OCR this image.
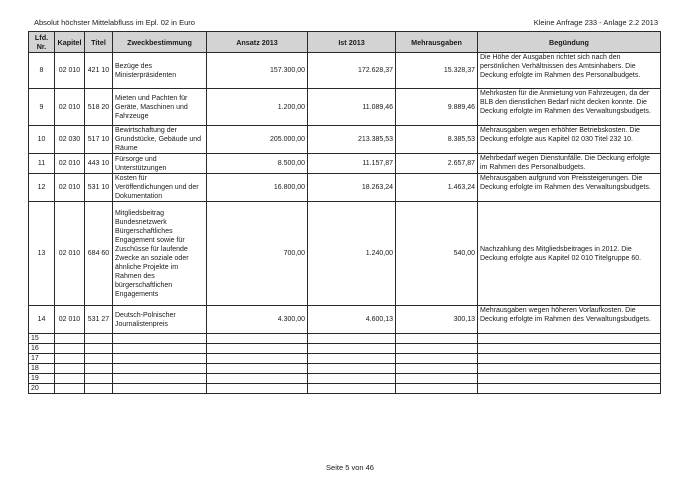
Absolut höchster Mittelabfluss im Epl. 02 in Euro	Kleine Anfrage 233 - Anlage 2.2 2013
Lfd. Nr.	Kapitel	Titel	Zweckbestimmung	Ansatz 2013	Ist 2013	Mehrausgaben	Begündung
8	02 010	421 10	Bezüge des Ministerpräsidenten	157.300,00	172.628,37	15.328,37	Die Höhe der Ausgaben richtet sich nach den persönlichen Verhältnissen des Amtsinhabers. Die Deckung erfolgte im Rahmen des Personalbudgets.
9	02 010	518 20	Mieten und Pachten für Geräte, Maschinen und Fahrzeuge	1.200,00	11.089,46	9.889,46	Mehrkosten für die Anmietung von Fahrzeugen, da der BLB den dienstlichen Bedarf nicht decken konnte. Die Deckung erfolgte im Rahmen des Verwaltungsbudgets.
10	02 030	517 10	Bewirtschaftung der Grundstücke, Gebäude und Räume	205.000,00	213.385,53	8.385,53	Mehrausgaben wegen erhöhter Betriebskosten. Die Deckung erfolgte aus Kapitel 02 030 Titel 232 10.
11	02 010	443 10	Fürsorge und Unterstützungen	8.500,00	11.157,87	2.657,87	Mehrbedarf wegen Dienstunfälle. Die Deckung erfolgte im Rahmen des Personalbudgets.
12	02 010	531 10	Kosten für Veröffentlichungen und der Dokumentation	16.800,00	18.263,24	1.463,24	Mehrausgaben aufgrund von Preissteigerungen. Die Deckung erfolgte im Rahmen des Verwaltungsbudgets.
13	02 010	684 60	Mitgliedsbeitrag Bundesnetzwerk Bürgerschaftliches Engagement sowie für Zuschüsse für laufende Zwecke an soziale oder ähnliche Projekte im Rahmen des bürgerschaftlichen Engagements	700,00	1.240,00	540,00	Nachzahlung des Mitgliedsbeitrages in 2012. Die Deckung erfolgte aus Kapitel 02 010 Titelgruppe 60.
14	02 010	531 27	Deutsch-Polnischer Journalistenpreis	4.300,00	4.600,13	300,13	Mehrausgaben wegen höheren Vorlaufkosten. Die Deckung erfolgte im Rahmen des Verwaltungsbudgets.
15							
16							
17							
18							
19							
20							
Seite 5 von 46
